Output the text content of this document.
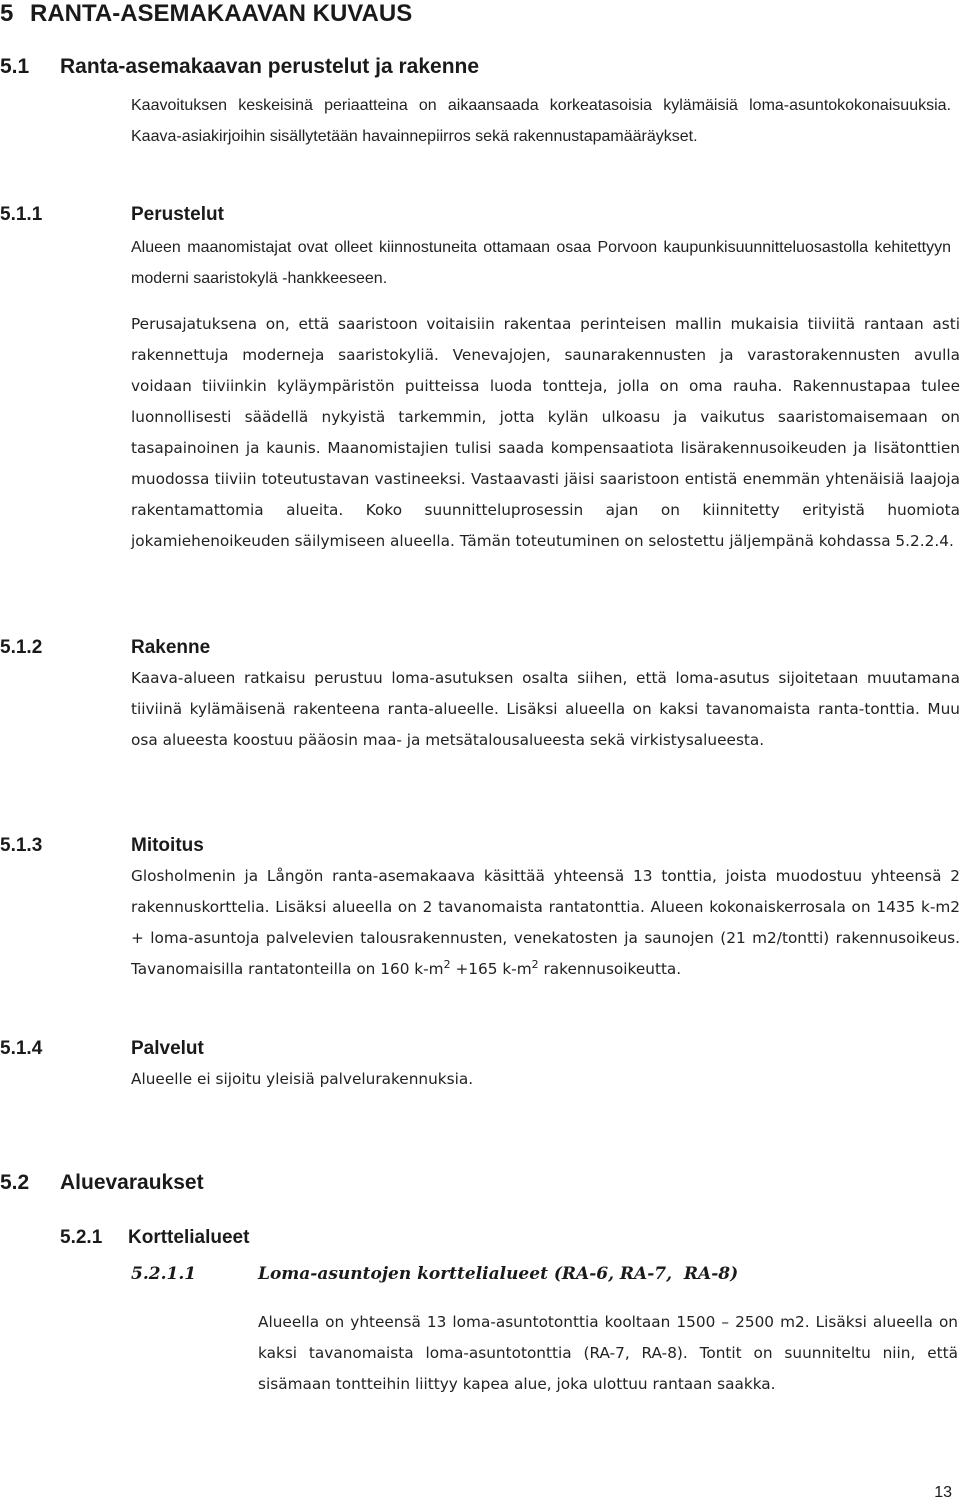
5 RANTA-ASEMAKAAVAN KUVAUS
5.1 Ranta-asemakaavan perustelut ja rakenne

Kaavoituksen keskeisinä periaatteina on aikaansaada korkeatasoisia kylämäisiä loma-asuntokokonaisuuksia. Kaava-asiakirjoihin sisällytetään havainnepiirros sekä rakennustapamääräykset.

5.1.1	Perustelut

Alueen maanomistajat ovat olleet kiinnostuneita ottamaan osaa Porvoon kaupunkisuunnitteluosastolla kehitettyyn moderni saaristokylä -hankkeeseen.

Perusajatuksena on, että saaristoon voitaisiin rakentaa perinteisen mallin mukaisia tiiviitä rantaan asti rakennettuja moderneja saaristokyliä. Venevajojen, saunarakennusten ja varastorakennusten avulla voidaan tiiviinkin kyläympäristön puitteissa luoda tontteja, jolla on oma rauha. Rakennustapaa tulee luonnollisesti säädellä nykyistä tarkemmin, jotta kylän ulkoasu ja vaikutus saaristomaisemaan on tasapainoinen ja kaunis. Maanomistajien tulisi saada kompensaatiota lisärakennusoikeuden ja lisätonttien muodossa tiiviin toteutustavan vastineeksi. Vastaavasti jäisi saaristoon entistä enemmän yhtenäisiä laajoja rakentamattomia alueita. Koko suunnitteluprosessin ajan on kiinnitetty erityistä huomiota jokamiehenoikeuden säilymiseen alueella. Tämän toteutuminen on selostettu jäljempänä kohdassa 5.2.2.4.

5.1.2	Rakenne

Kaava-alueen ratkaisu perustuu loma-asutuksen osalta siihen, että loma-asutus sijoitetaan muutamana tiiviinä kylämäisenä rakenteena ranta-alueelle. Lisäksi alueella on kaksi tavanomaista ranta-tonttia. Muu osa alueesta koostuu pääosin maa- ja metsätalousalueesta sekä virkistysalueesta.

5.1.3	Mitoitus

Glosholmenin ja Långön ranta-asemakaava käsittää yhteensä 13 tonttia, joista muodostuu yhteensä 2 rakennuskorttelia. Lisäksi alueella on 2 tavanomaista rantatonttia. Alueen kokonaiskerrosala on 1435 k-m2 + loma-asuntoja palvelevien talousrakennusten, venekatosten ja saunojen (21 m2/tontti) rakennusoikeus. Tavanomaisilla rantatonteilla on 160 $k-m^2 +165$ $k-m^2$ rakennusoikeutta.

5.1.4	Palvelut

Alueelle ei sijoitu yleisiä palvelurakennuksia.

5.2 Aluevaraukset
5.2.1 Korttelialueet
5.2.1.1	Loma-asuntojen korttelialueet (RA-6, RA-7,  RA-8)

Alueella on yhteensä 13 loma-asuntotonttia kooltaan 1500 – 2500 m2. Lisäksi alueella on kaksi tavanomaista loma-asuntotonttia (RA-7, RA-8). Tontit on suunniteltu niin, että sisämaan tontteihin liittyy kapea alue, joka ulottuu rantaan saakka.

13
